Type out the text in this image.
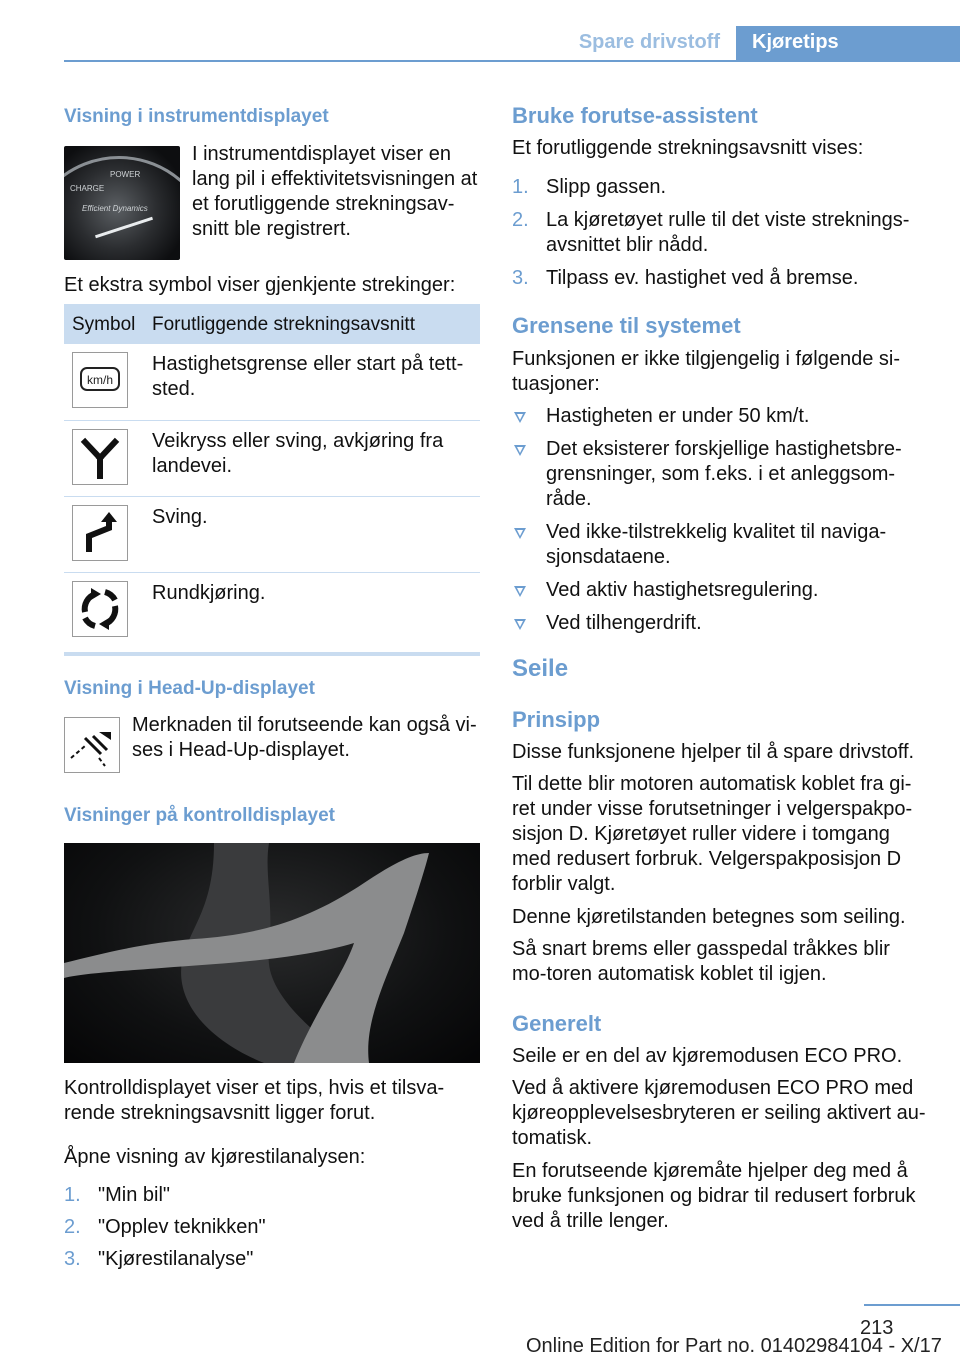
Spare drivstoff	Kjøretips
Visning i instrumentdisplayet
CHARGE
POWER
Efficient Dynamics

I instrumentdisplayet viser en lang pil i effektivitetsvisningen at et forutliggende strekningsav-snitt ble registrert.

Et ekstra symbol viser gjenkjente strekinger:

Symbol	Forutliggende strekningsavsnitt

km/h	Hastighetsgrense eller start på tett-sted.

	Veikryss eller sving, avkjøring fra landevei.

	Sving.

	Rundkjøring.
Visning i Head-Up-displayet

Merknaden til forutseende kan også vi-ses i Head-Up-displayet.

Visninger på kontrolldisplayet

Kontrolldisplayet viser et tips, hvis et tilsva-rende strekningsavsnitt ligger forut.

Åpne visning av kjørestilanalysen:

1. "Min bil"
2. "Opplev teknikken"
3. "Kjørestilanalyse"
Bruke forutse-assistent

Et forutliggende strekningsavsnitt vises:

1. Slipp gassen.
2. La kjøretøyet rulle til det viste streknings-avsnittet blir nådd.
3. Tilpass ev. hastighet ved å bremse.
Grensene til systemet

Funksjonen er ikke tilgjengelig i følgende si-tuasjoner:

Hastigheten er under 50 km/t.
Det eksisterer forskjellige hastighetsbre-grensninger, som f.eks. i et anleggsom-råde.
Ved ikke-tilstrekkelig kvalitet til naviga-sjonsdataene.
Ved aktiv hastighetsregulering.
Ved tilhengerdrift.
Seile
Prinsipp

Disse funksjonene hjelper til å spare drivstoff.

Til dette blir motoren automatisk koblet fra gi-ret under visse forutsetninger i velgerspakpo-sisjon D. Kjøretøyet ruller videre i tomgang med redusert forbruk. Velgerspakposisjon D forblir valgt.

Denne kjøretilstanden betegnes som seiling.

Så snart brems eller gasspedal tråkkes blir mo-toren automatisk koblet til igjen.

Generelt

Seile er en del av kjøremodusen ECO PRO.

Ved å aktivere kjøremodusen ECO PRO med kjøreopplevelsesbryteren er seiling aktivert au-tomatisk.

En forutseende kjøremåte hjelper deg med å bruke funksjonen og bidrar til redusert forbruk ved å trille lenger.

213
Online Edition for Part no. 01402984104 - X/17
